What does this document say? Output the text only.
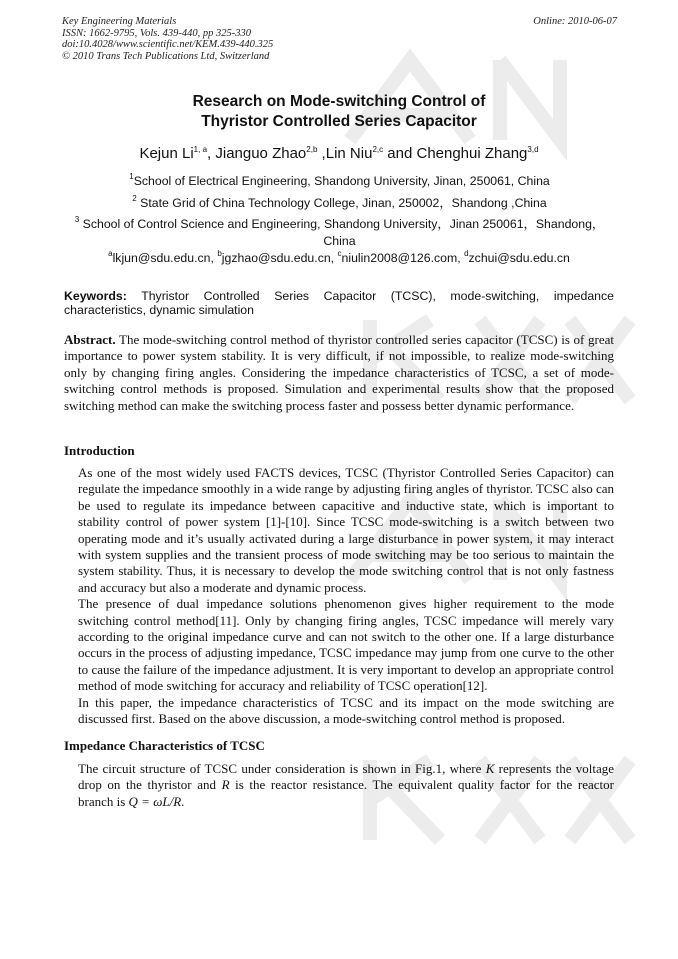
Key Engineering Materials
ISSN: 1662-9795, Vols. 439-440, pp 325-330
doi:10.4028/www.scientific.net/KEM.439-440.325
© 2010 Trans Tech Publications Ltd, Switzerland
Online: 2010-06-07
Research on Mode-switching Control of
Thyristor Controlled Series Capacitor
Kejun Li$^{1, a}$, Jianguo Zhao$^{2,b}$ ,Lin Niu$^{2,c}$ and Chenghui Zhang$^{3,d}$
$^1$School of Electrical Engineering, Shandong University, Jinan, 250061, China
$^2$ State Grid of China Technology College, Jinan, 250002，Shandong ,China
$^3$ School of Control Science and Engineering, Shandong University，Jinan 250061，Shandong，China
$^a$lkjun@sdu.edu.cn, $^b$jgzhao@sdu.edu.cn, $^c$niulin2008@126.com, $^d$zchui@sdu.edu.cn
Keywords: Thyristor Controlled Series Capacitor (TCSC), mode-switching, impedance characteristics, dynamic simulation
Abstract. The mode-switching control method of thyristor controlled series capacitor (TCSC) is of great importance to power system stability. It is very difficult, if not impossible, to realize mode-switching only by changing firing angles. Considering the impedance characteristics of TCSC, a set of mode-switching control methods is proposed. Simulation and experimental results show that the proposed switching method can make the switching process faster and possess better dynamic performance.
Introduction
As one of the most widely used FACTS devices, TCSC (Thyristor Controlled Series Capacitor) can regulate the impedance smoothly in a wide range by adjusting firing angles of thyristor. TCSC also can be used to regulate its impedance between capacitive and inductive state, which is important to stability control of power system [1]-[10]. Since TCSC mode-switching is a switch between two operating mode and it’s usually activated during a large disturbance in power system, it may interact with system supplies and the transient process of mode switching may be too serious to maintain the system stability. Thus, it is necessary to develop the mode switching control that is not only fastness and accuracy but also a moderate and dynamic process.
The presence of dual impedance solutions phenomenon gives higher requirement to the mode switching control method[11]. Only by changing firing angles, TCSC impedance will merely vary according to the original impedance curve and can not switch to the other one. If a large disturbance occurs in the process of adjusting impedance, TCSC impedance may jump from one curve to the other to cause the failure of the impedance adjustment. It is very important to develop an appropriate control method of mode switching for accuracy and reliability of TCSC operation[12].
In this paper, the impedance characteristics of TCSC and its impact on the mode switching are discussed first. Based on the above discussion, a mode-switching control method is proposed.
Impedance Characteristics of TCSC
The circuit structure of TCSC under consideration is shown in Fig.1, where K represents the voltage drop on the thyristor and R is the reactor resistance. The equivalent quality factor for the reactor branch is Q = ωL/R.
